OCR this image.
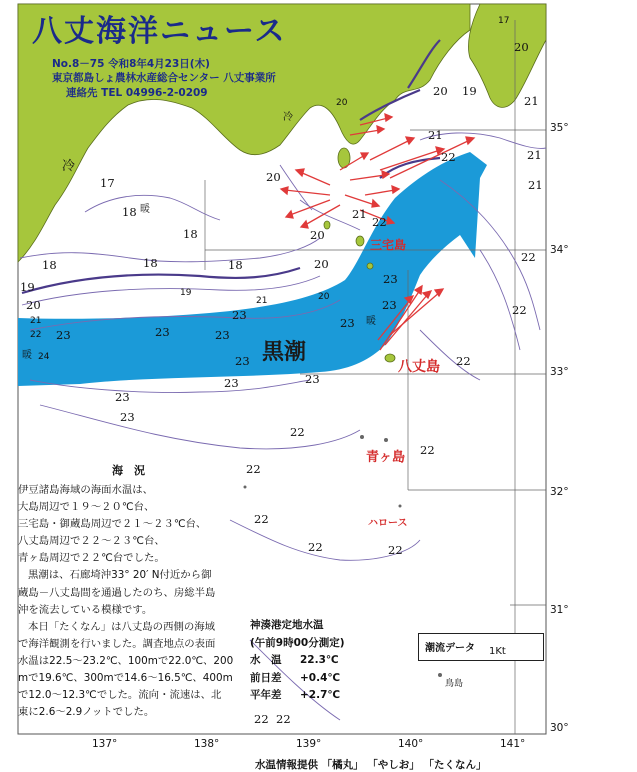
八丈海洋ニュース
No.8－75 令和8年4月23日(木)
東京都島しょ農林水産総合センター 八丈事業所
連絡先 TEL 04996-2-0209
冷
冷
暖
暖
暖
黒潮
三宅島
八丈島
青ヶ島
ハロース
鳥島
18
18
18	18
18
19
20
21
22
24
23	23
23
23
23
23
23
23
23
23
23
23
22
22
22
22
22	22
22
22
22
22 22
22
21
21
21
21
22
20
20
20
20 19
21
20
17
17
20
20
19
21
137°	138°	139°	140°	141°
35°
34°
33°
32°
31°
30°
海　況
伊豆諸島海域の海面水温は、
大島周辺で１９～２０℃台、
三宅島・御蔵島周辺で２１～２３℃台、
八丈島周辺で２２～２３℃台、
青ヶ島周辺で２２℃台でした。
黒潮は、石廊埼沖33° 20′ N付近から御
蔵島－八丈島間を通過したのち、房総半島
沖を流去している模様です。
本日「たくなん」は八丈島の西側の海域
で海洋観測を行いました。調査地点の表面
水温は22.5～23.2℃、100mで22.0℃、200
mで19.6℃、300mで14.6～16.5℃、400m
で12.0～12.3℃でした。流向・流速は、北
東に2.6～2.9ノットでした。
神湊港定地水温
(午前9時00分測定)
水　温 22.3℃
前日差 +0.4℃
平年差 +2.7℃
潮流データ 1Kt
水温情報提供 「橘丸」 「やしお」 「たくなん」
